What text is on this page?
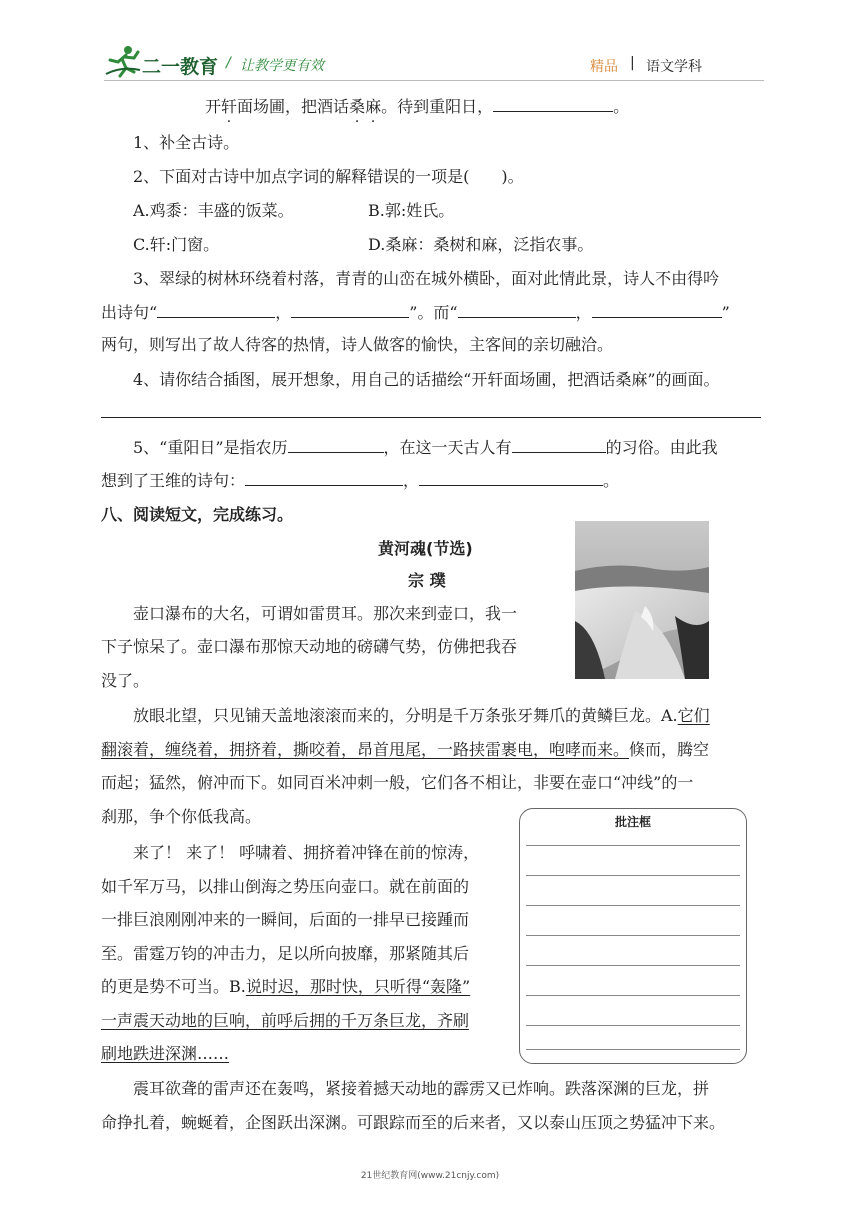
二一教育 / 让教学更有效	精品 | 语文学科
开轩面场圃，把酒话桑麻。待到重阳日，	。
1、补全古诗。
2、下面对古诗中加点字词的解释错误的一项是(　　)。
A.鸡黍：丰盛的饭菜。	B.郭:姓氏。
C.轩:门窗。	D.桑麻：桑树和麻，泛指农事。
3、翠绿的树林环绕着村落，青青的山峦在城外横卧，面对此情此景，诗人不由得吟
出诗句“	，	”。而“	，	”
两句，则写出了故人待客的热情，诗人做客的愉快，主客间的亲切融洽。
4、请你结合插图，展开想象，用自己的话描绘“开轩面场圃，把酒话桑麻”的画面。
5、“重阳日”是指农历	，在这一天古人有	的习俗。由此我
想到了王维的诗句：	，	。
八、阅读短文，完成练习。
黄河魂(节选)
宗 璞
壶口瀑布的大名，可谓如雷贯耳。那次来到壶口，我一
下子惊呆了。壶口瀑布那惊天动地的磅礴气势，仿佛把我吞
没了。
放眼北望，只见铺天盖地滚滚而来的，分明是千万条张牙舞爪的黄鳞巨龙。A.它们
翻滚着，缠绕着，拥挤着，撕咬着，昂首甩尾，一路挟雷裹电，咆哮而来。倏而，腾空
而起；猛然，俯冲而下。如同百米冲刺一般，它们各不相让，非要在壶口“冲线”的一
刹那，争个你低我高。
来了！ 来了！ 呼啸着、拥挤着冲锋在前的惊涛，
如千军万马，以排山倒海之势压向壶口。就在前面的
一排巨浪刚刚冲来的一瞬间，后面的一排早已接踵而
至。雷霆万钧的冲击力，足以所向披靡，那紧随其后
的更是势不可当。B.说时迟，那时快，只听得“轰隆”
一声震天动地的巨响，前呼后拥的千万条巨龙，齐刷
刷地跌进深渊……
批注框
震耳欲聋的雷声还在轰鸣，紧接着撼天动地的霹雳又已炸响。跌落深渊的巨龙，拼
命挣扎着，蜿蜒着，企图跃出深渊。可跟踪而至的后来者，又以泰山压顶之势猛冲下来。
21世纪教育网(www.21cnjy.com)
